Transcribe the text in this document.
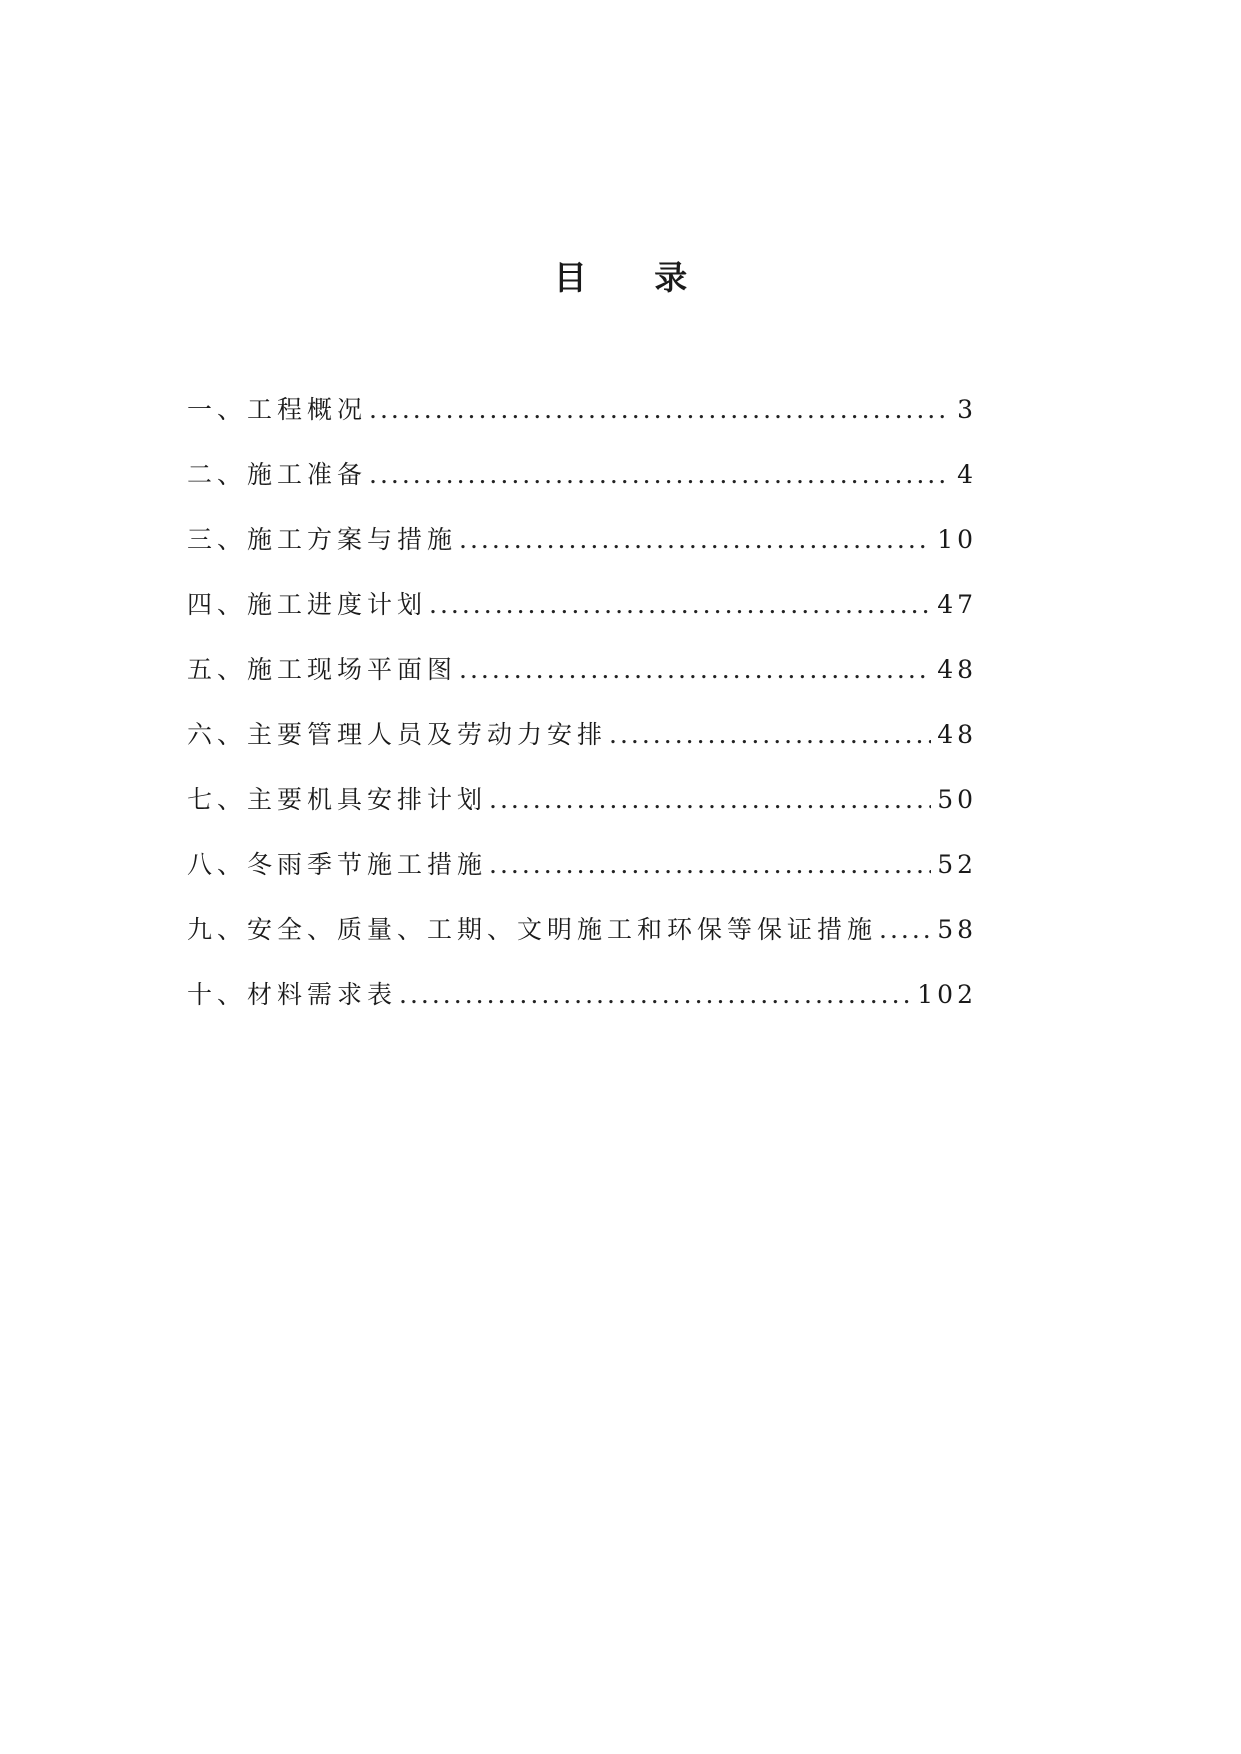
目 录
一、工程概况 .....	3
二、施工准备 .....	4
三、施工方案与措施 .....	10
四、施工进度计划 .....	47
五、施工现场平面图 .....	48
六、主要管理人员及劳动力安排 .....	48
七、主要机具安排计划 .....	50
八、冬雨季节施工措施 .....	52
九、安全、质量、工期、文明施工和环保等保证措施 ..... 58
十、材料需求表 .....	102
